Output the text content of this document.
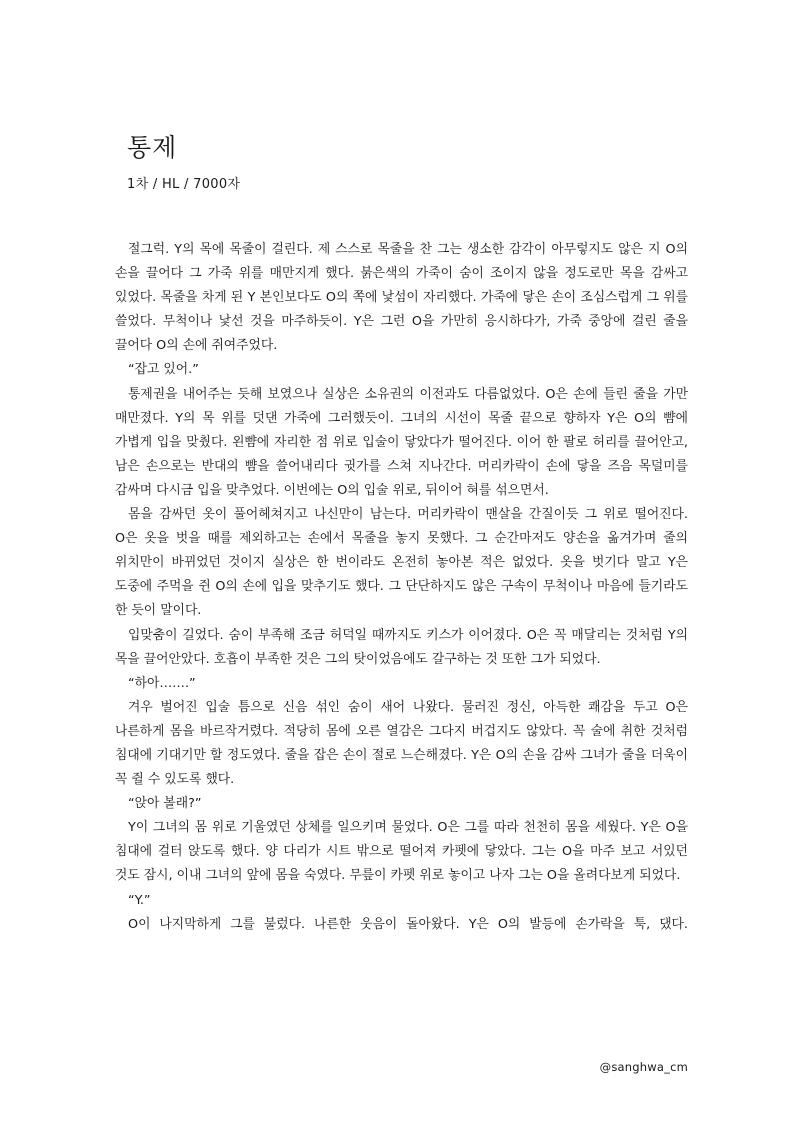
통제

1차 / HL / 7000자

절그럭. Y의 목에 목줄이 걸린다. 제 스스로 목줄을 찬 그는 생소한 감각이 아무렇지도 않은 지 O의 손을 끌어다 그 가죽 위를 매만지게 했다. 붉은색의 가죽이 숨이 조이지 않을 정도로만 목을 감싸고 있었다. 목줄을 차게 된 Y 본인보다도 O의 쪽에 낯섬이 자리했다. 가죽에 닿은 손이 조심스럽게 그 위를 쓸었다. 무척이나 낯선 것을 마주하듯이. Y은 그런 O을 가만히 응시하다가, 가죽 중앙에 걸린 줄을 끌어다 O의 손에 쥐여주었다.

“잡고 있어.”

통제권을 내어주는 듯해 보였으나 실상은 소유권의 이전과도 다름없었다. O은 손에 들린 줄을 가만 매만졌다. Y의 목 위를 덧댄 가죽에 그러했듯이. 그녀의 시선이 목줄 끝으로 향하자 Y은 O의 뺨에 가볍게 입을 맞췄다. 왼뺨에 자리한 점 위로 입술이 닿았다가 떨어진다. 이어 한 팔로 허리를 끌어안고, 남은 손으로는 반대의 뺨을 쓸어내리다 귓가를 스쳐 지나간다. 머리카락이 손에 닿을 즈음 목덜미를 감싸며 다시금 입을 맞추었다. 이번에는 O의 입술 위로, 뒤이어 혀를 섞으면서.

몸을 감싸던 옷이 풀어헤쳐지고 나신만이 남는다. 머리카락이 맨살을 간질이듯 그 위로 떨어진다. O은 옷을 벗을 때를 제외하고는 손에서 목줄을 놓지 못했다. 그 순간마저도 양손을 옮겨가며 줄의 위치만이 바뀌었던 것이지 실상은 한 번이라도 온전히 놓아본 적은 없었다. 옷을 벗기다 말고 Y은 도중에 주먹을 쥔 O의 손에 입을 맞추기도 했다. 그 단단하지도 않은 구속이 무척이나 마음에 들기라도 한 듯이 말이다.

입맞춤이 길었다. 숨이 부족해 조금 허덕일 때까지도 키스가 이어졌다. O은 꼭 매달리는 것처럼 Y의 목을 끌어안았다. 호흡이 부족한 것은 그의 탓이었음에도 갈구하는 것 또한 그가 되었다.

“하아…….”

겨우 벌어진 입술 틈으로 신음 섞인 숨이 새어 나왔다. 물러진 정신, 아득한 쾌감을 두고 O은 나른하게 몸을 바르작거렸다. 적당히 몸에 오른 열감은 그다지 버겁지도 않았다. 꼭 술에 취한 것처럼 침대에 기대기만 할 정도였다. 줄을 잡은 손이 절로 느슨해졌다. Y은 O의 손을 감싸 그녀가 줄을 더욱이 꼭 쥘 수 있도록 했다.

“앉아 볼래?”

Y이 그녀의 몸 위로 기울였던 상체를 일으키며 물었다. O은 그를 따라 천천히 몸을 세웠다. Y은 O을 침대에 걸터 앉도록 했다. 양 다리가 시트 밖으로 떨어져 카펫에 닿았다. 그는 O을 마주 보고 서있던 것도 잠시, 이내 그녀의 앞에 몸을 숙였다. 무릎이 카펫 위로 놓이고 나자 그는 O을 올려다보게 되었다.

“Y.”

O이 나지막하게 그를 불렀다. 나른한 웃음이 돌아왔다. Y은 O의 발등에 손가락을 툭, 댔다.

@sanghwa_cm
